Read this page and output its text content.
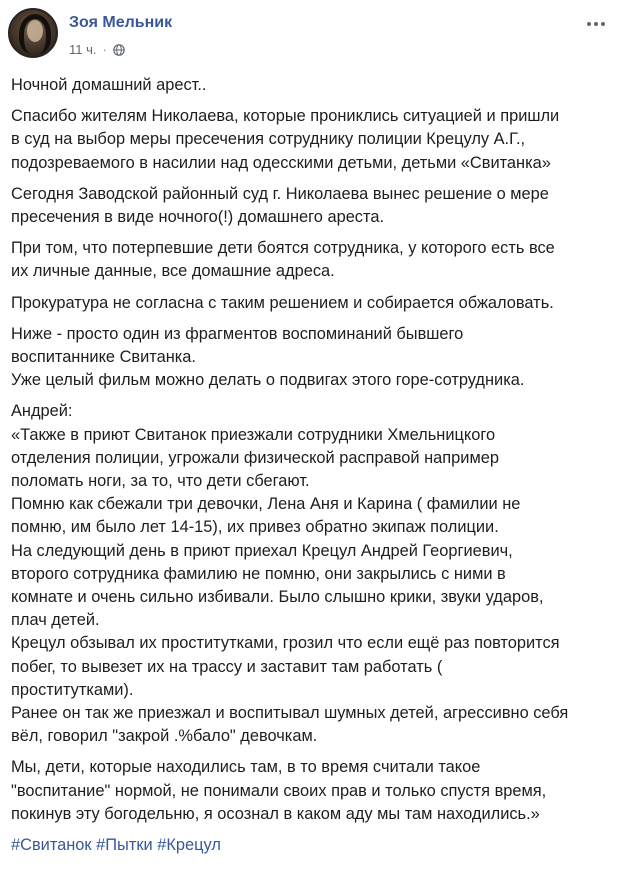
Зоя Мельник
11 ч. ·
Ночной домашний арест..
Спасибо жителям Николаева, которые прониклись ситуацией и пришли
в суд на выбор меры пресечения сотруднику полиции Крецулу А.Г.,
подозреваемого в насилии над одесскими детьми, детьми «Свитанка»
Сегодня Заводской районный суд г. Николаева вынес решение о мере
пресечения в виде ночного(!) домашнего ареста.
При том, что потерпевшие дети боятся сотрудника, у которого есть все
их личные данные, все домашние адреса.
Прокуратура не согласна с таким решением и собирается обжаловать.
Ниже - просто один из фрагментов воспоминаний бывшего
воспитаннике Свитанка.
Уже целый фильм можно делать о подвигах этого горе-сотрудника.
Андрей:
«Также в приют Свитанок приезжали сотрудники Хмельницкого
отделения полиции, угрожали физической расправой например
поломать ноги, за то, что дети сбегают.
Помню как сбежали три девочки, Лена Аня и Карина ( фамилии не
помню, им было лет 14-15), их привез обратно экипаж полиции.
На следующий день в приют приехал Крецул Андрей Георгиевич,
второго сотрудника фамилию не помню, они закрылись с ними в
комнате и очень сильно избивали. Было слышно крики, звуки ударов,
плач детей.
Крецул обзывал их проститутками, грозил что если ещё раз повторится
побег, то вывезет их на трассу и заставит там работать (
проститутками).
Ранее он так же приезжал и воспитывал шумных детей, агрессивно себя
вёл, говорил "закрой .%бало" девочкам.
Мы, дети, которые находились там, в то время считали такое
"воспитание" нормой, не понимали своих прав и только спустя время,
покинув эту богодельню, я осознал в каком аду мы там находились.»
#Свитанок #Пытки #Крецул
